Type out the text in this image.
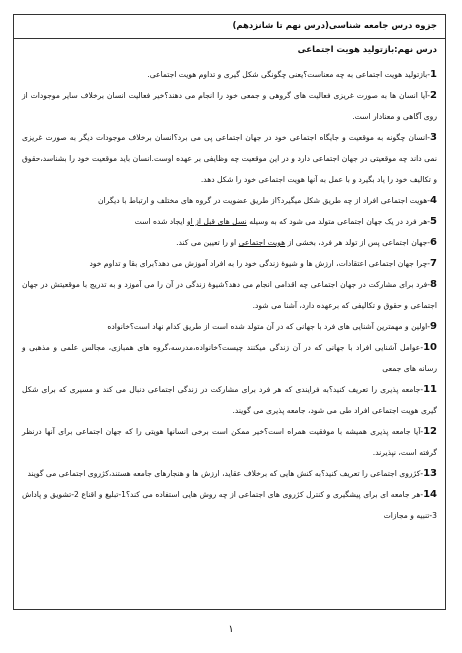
جزوه درس جامعه شناسی(درس نهم تا شانزدهم)
درس نهم:بازتولید هویت اجتماعی

1-بازتولید هویت اجتماعی به چه معناست؟یعنی چگونگی شکل گیری و تداوم هویت اجتماعی.

2-آیا انسان ها به صورت غریزی فعالیت های گروهی و جمعی خود را انجام می دهند؟خیر فعالیت انسان برخلاف سایر موجودات از روی آگاهی و معنادار است.

3-انسان چگونه به موقعیت و جایگاه اجتماعی خود در جهان اجتماعی پی می برد؟انسان برخلاف موجودات دیگر به صورت غریزی نمی داند چه موقعیتی در جهان اجتماعی دارد و در این موقعیت چه وظایفی بر عهده اوست.انسان باید موقعیت خود را بشناسد،حقوق و تکالیف خود را یاد بگیرد و با عمل به آنها هویت اجتماعی خود را شکل دهد.

4-هویت اجتماعی افراد از چه طریق شکل میگیرد؟از طریق عضویت در گروه های مختلف و ارتباط با دیگران

5-هر فرد در یک جهان اجتماعی متولد می شود که به وسیله نسل های قبل از او ایجاد شده است

6-جهان اجتماعی پس از تولد هر فرد، بخشی از هویت اجتماعی او را تعیین می کند.

7-چرا جهان اجتماعی اعتقادات، ارزش ها و شیوۀ زندگی خود را به افراد آموزش می دهد؟برای بقا و تداوم خود

8-فرد برای مشارکت در جهان اجتماعی چه اقدامی انجام می دهد؟شیوۀ زندگی در آن را می آموزد و به تدریج با موقعیتش در جهان اجتماعی و حقوق و تکالیفی که برعهده دارد، آشنا می شود.

9-اولین و مهمترین آشنایی های فرد با جهانی که در آن متولد شده است از طریق کدام نهاد است؟خانواده

10-عوامل آشنایی افراد با جهانی که در آن زندگی میکنند چیست؟خانواده،مدرسه،گروه های همبازی، مجالس علمی و مذهبی و رسانه های جمعی

11-جامعه پذیری را تعریف کنید؟به فرایندی که هر فرد برای مشارکت در زندگی اجتماعی دنبال می کند و مسیری که برای شکل گیری هویت اجتماعی افراد طی می شود، جامعه پذیری می گویند.

12-آیا جامعه پذیری همیشه با موفقیت همراه است؟خیر ممکن است برخی انسانها هویتی را که جهان اجتماعی برای آنها درنظر گرفته است، نپذیرند.

13-کژروی اجتماعی را تعریف کنید؟به کنش هایی که برخلاف عقاید، ارزش ها و هنجارهای جامعه هستند،کژروی اجتماعی می گویند

14-هر جامعه ای برای پیشگیری و کنترل کژروی های اجتماعی از چه روش هایی استفاده می کند؟1-تبلیغ و اقناع 2-تشویق و پاداش 3-تنبیه و مجازات

۱
